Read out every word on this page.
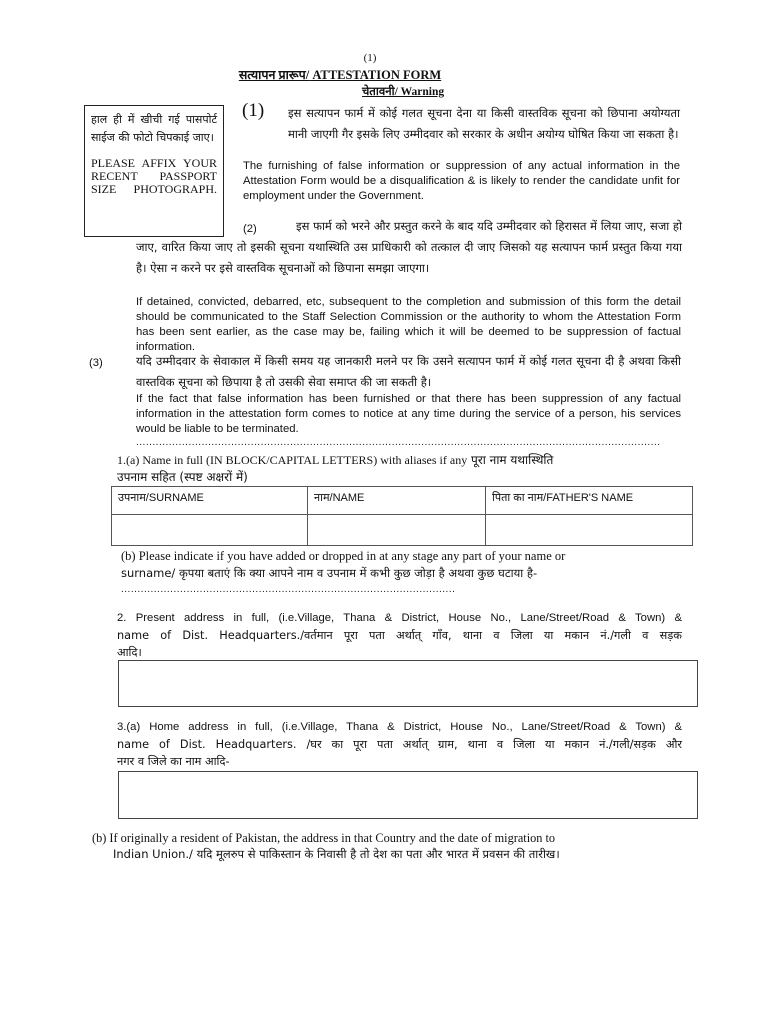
(1)
सत्यापन प्रारूप/ ATTESTATION FORM
चेतावनी/ Warning
हाल ही में खीची गई पासपोर्ट साईज की फोटो चिपकाई जाए।
PLEASE AFFIX YOUR RECENT PASSPORT SIZE PHOTOGRAPH.
(1) इस सत्यापन फार्म में कोई गलत सूचना देना या किसी वास्तविक सूचना को छिपाना अयोग्यता मानी जाएगी गैर इसके लिए उम्मीदवार को सरकार के अधीन अयोग्य घोषित किया जा सकता है।
The furnishing of false information or suppression of any actual information in the Attestation Form would be a disqualification & is likely to render the candidate unfit for employment under the Government.
(2)	इस फार्म को भरने और प्रस्तुत करने के बाद यदि उम्मीदवार को हिरासत में लिया जाए, सजा हो जाए, वारित किया जाए तो इसकी सूचना यथास्थिति उस प्राधिकारी को तत्काल दी जाए जिसको यह सत्यापन फार्म प्रस्तुत किया गया है। ऐसा न करने पर इसे वास्तविक सूचनाओं को छिपाना समझा जाएगा।
If detained, convicted, debarred, etc, subsequent to the completion and submission of this form the detail should be communicated to the Staff Selection Commission or the authority to whom the Attestation Form has been sent earlier, as the case may be, failing which it will be deemed to be suppression of factual information.
(3)	यदि उम्मीदवार के सेवाकाल में किसी समय यह जानकारी मलने पर कि उसने सत्यापन फार्म में कोई गलत सूचना दी है अथवा किसी वास्तविक सूचना को छिपाया है तो उसकी सेवा समाप्त की जा सकती है।
If the fact that false information has been furnished or that there has been suppression of any factual information in the attestation form comes to notice at any time during the service of a person, his services would be liable to be terminated.
................................................................................................................................................................
1.(a) Name in full (IN BLOCK/CAPITAL LETTERS) with aliases if any पूरा नाम यथास्थिति
उपनाम सहित (स्पष्ट अक्षरों में)
उपनाम/SURNAME	नाम/NAME	पिता का नाम/FATHER'S NAME

(b) Please indicate if you have added or dropped in at any stage any part of your name or
surname/ कृपया बताएं कि क्या आपने नाम व उपनाम में कभी कुछ जोड़ा है अथवा कुछ घटाया है-
......................................................................................................
2. Present address in full, (i.e.Village, Thana & District, House No., Lane/Street/Road & Town) &
name of Dist. Headquarters./वर्तमान पूरा पता अर्थात् गाँव, थाना व जिला या मकान नं./गली व सड़क
आदि।
3.(a) Home address in full, (i.e.Village, Thana & District, House No., Lane/Street/Road & Town) &
name of Dist. Headquarters. /घर का पूरा पता अर्थात् ग्राम, थाना व जिला या मकान नं./गली/सड़क और
नगर व जिले का नाम आदि-
(b) If originally a resident of Pakistan, the address in that Country and the date of migration to
Indian Union./ यदि मूलरुप से पाकिस्तान के निवासी है तो देश का पता और भारत में प्रवसन की तारीख।
